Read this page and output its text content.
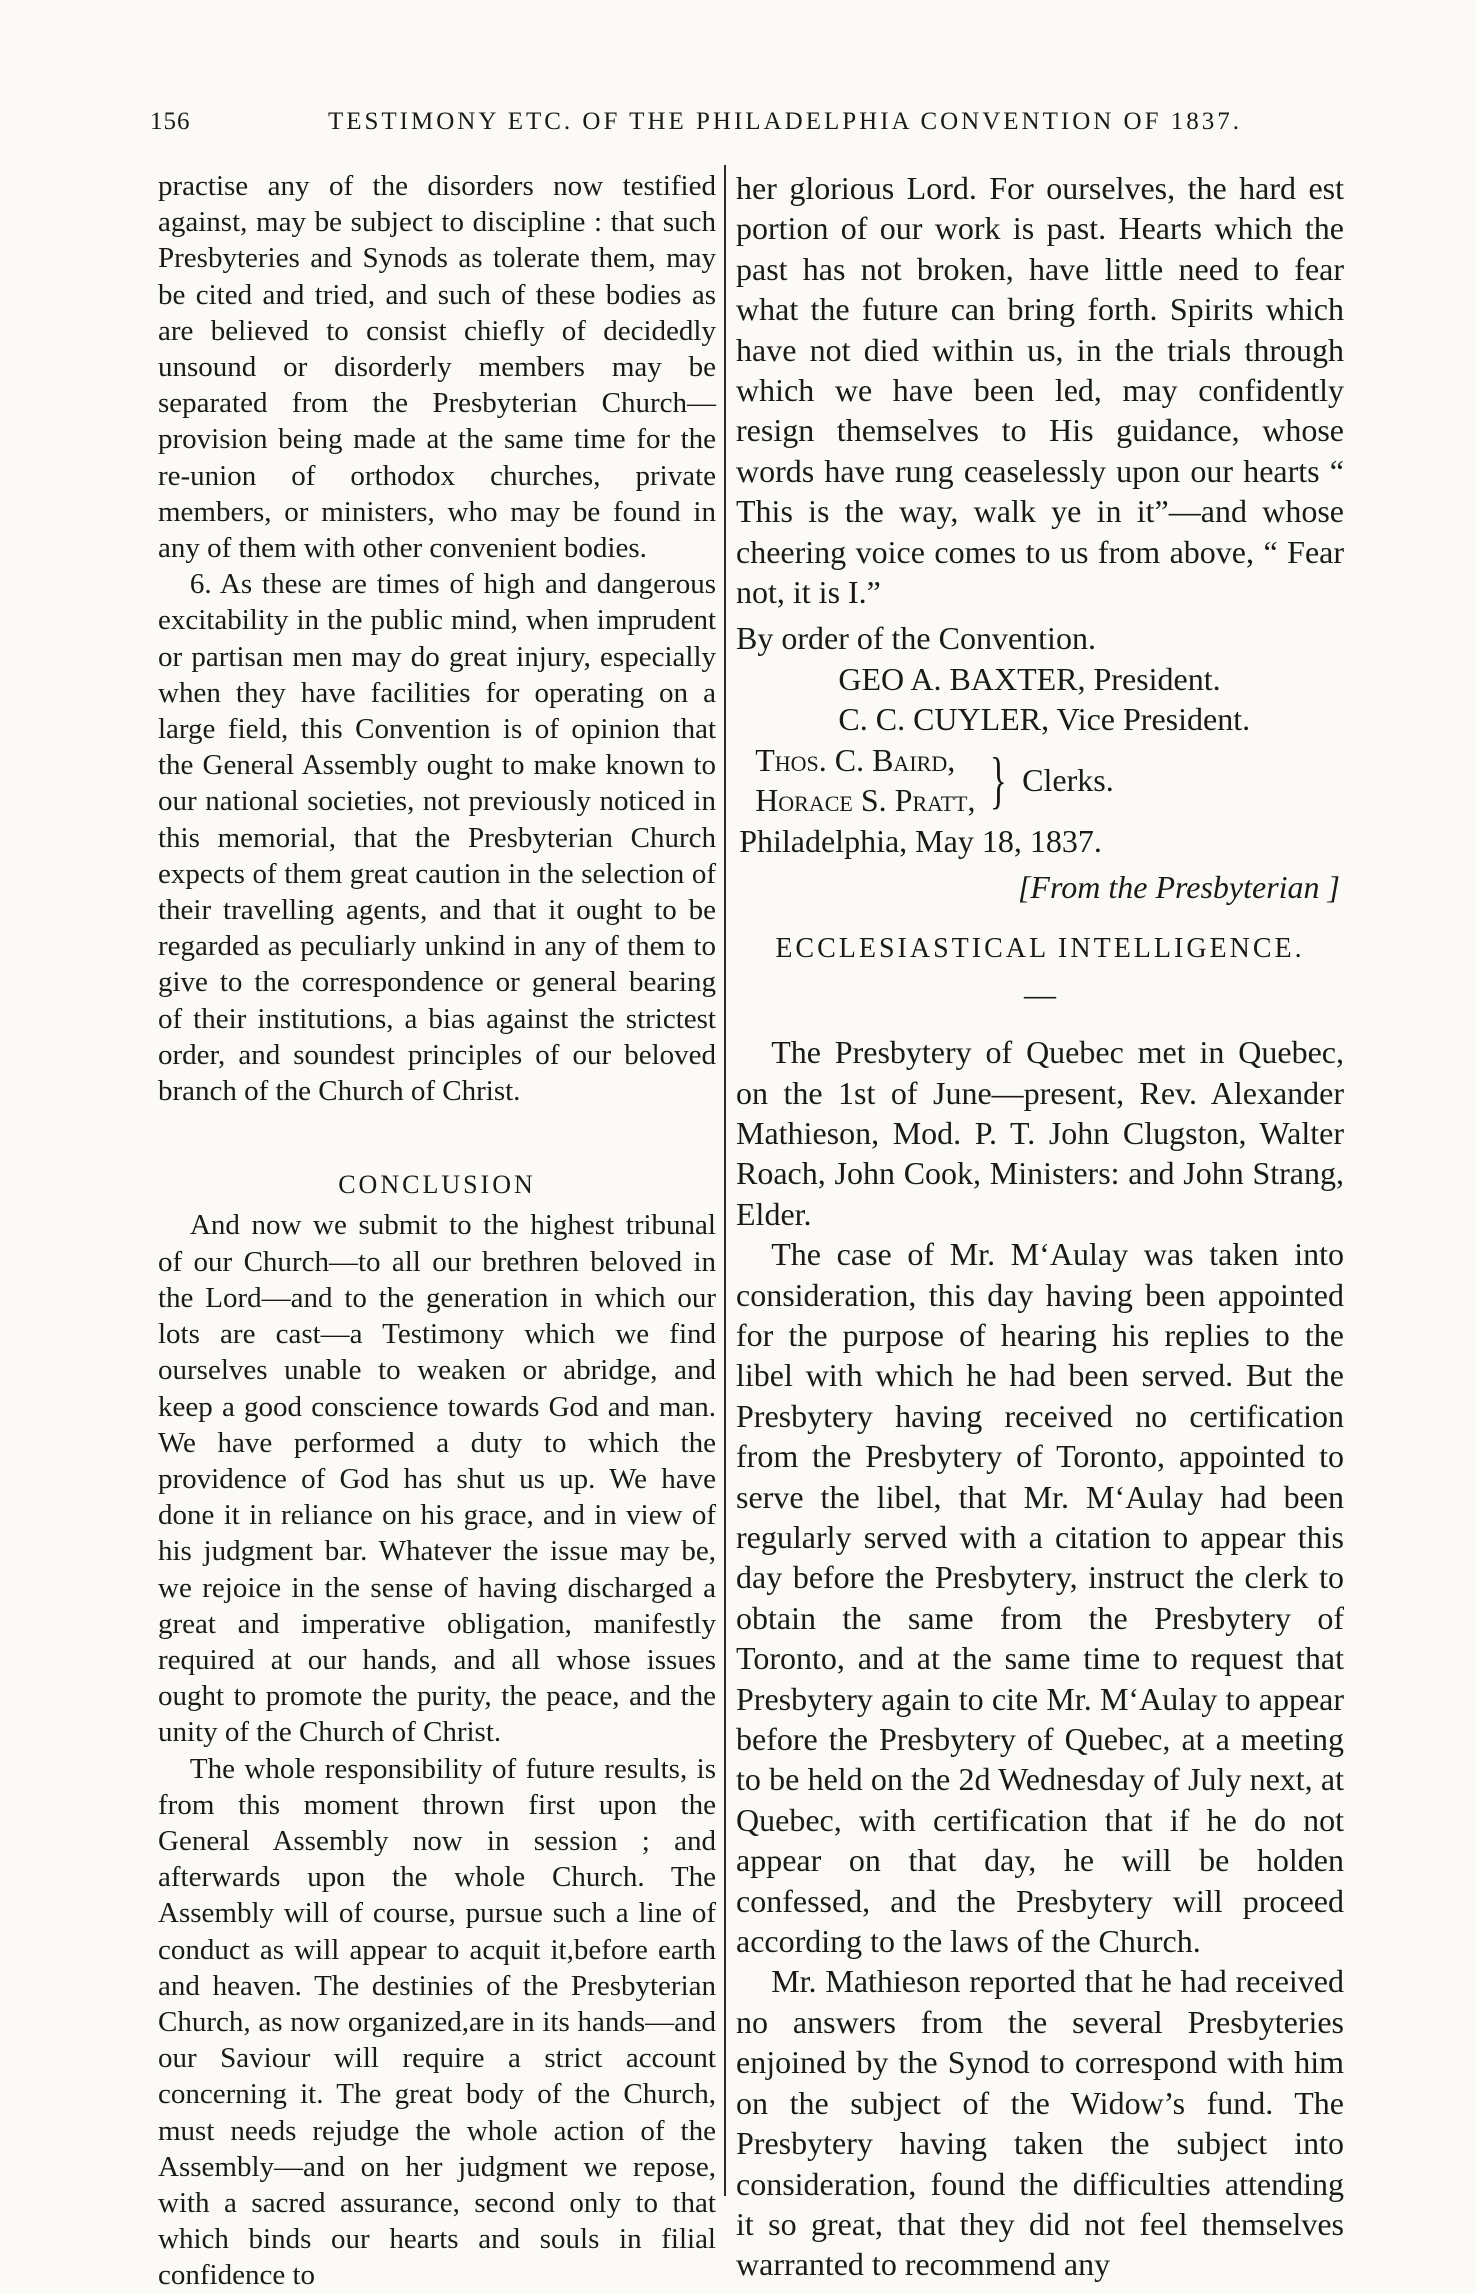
156	TESTIMONY ETC. OF THE PHILADELPHIA CONVENTION OF 1837.

practise any of the disorders now testified against, may be subject to discipline : that such Presbyteries and Synods as tolerate them, may be cited and tried, and such of these bodies as are believed to consist chiefly of decidedly unsound or disorderly members may be separated from the Presbyterian Church—provision being made at the same time for the re-union of orthodox churches, private members, or ministers, who may be found in any of them with other convenient bodies.

6. As these are times of high and dangerous excitability in the public mind, when imprudent or partisan men may do great injury, especially when they have facilities for operating on a large field, this Convention is of opinion that the General Assembly ought to make known to our national societies, not previously noticed in this memorial, that the Presbyterian Church expects of them great caution in the selection of their travelling agents, and that it ought to be regarded as peculiarly unkind in any of them to give to the correspondence or general bearing of their institutions, a bias against the strictest order, and soundest principles of our beloved branch of the Church of Christ.

CONCLUSION

And now we submit to the highest tribunal of our Church—to all our brethren beloved in the Lord—and to the generation in which our lots are cast—a Testimony which we find ourselves unable to weaken or abridge, and keep a good conscience towards God and man. We have performed a duty to which the providence of God has shut us up. We have done it in reliance on his grace, and in view of his judgment bar. Whatever the issue may be, we rejoice in the sense of having discharged a great and imperative obligation, manifestly required at our hands, and all whose issues ought to promote the purity, the peace, and the unity of the Church of Christ.

The whole responsibility of future results, is from this moment thrown first upon the General Assembly now in session ; and afterwards upon the whole Church. The Assembly will of course, pursue such a line of conduct as will appear to acquit it,before earth and heaven. The destinies of the Presbyterian Church, as now organized,are in its hands—and our Saviour will require a strict account concerning it. The great body of the Church, must needs rejudge the whole action of the Assembly—and on her judgment we repose, with a sacred assurance, second only to that which binds our hearts and souls in filial confidence to

her glorious Lord. For ourselves, the hard est portion of our work is past. Hearts which the past has not broken, have little need to fear what the future can bring forth. Spirits which have not died within us, in the trials through which we have been led, may confidently resign themselves to His guidance, whose words have rung ceaselessly upon our hearts “ This is the way, walk ye in it”—and whose cheering voice comes to us from above, “ Fear not, it is I.”

By order of the Convention.

GEO A. BAXTER, President.

C. C. CUYLER, Vice President.

Thos. C. Baird,
Horace S. Pratt, } Clerks.

Philadelphia, May 18, 1837.

[From the Presbyterian ]

ECCLESIASTICAL INTELLIGENCE.
—

The Presbytery of Quebec met in Quebec, on the 1st of June—present, Rev. Alexander Mathieson, Mod. P. T. John Clugston, Walter Roach, John Cook, Ministers: and John Strang, Elder.

The case of Mr. M‘Aulay was taken into consideration, this day having been appointed for the purpose of hearing his replies to the libel with which he had been served. But the Presbytery having received no certification from the Presbytery of Toronto, appointed to serve the libel, that Mr. M‘Aulay had been regularly served with a citation to appear this day before the Presbytery, instruct the clerk to obtain the same from the Presbytery of Toronto, and at the same time to request that Presbytery again to cite Mr. M‘Aulay to appear before the Presbytery of Quebec, at a meeting to be held on the 2d Wednesday of July next, at Quebec, with certification that if he do not appear on that day, he will be holden confessed, and the Presbytery will proceed according to the laws of the Church.

Mr. Mathieson reported that he had received no answers from the several Presbyteries enjoined by the Synod to correspond with him on the subject of the Widow’s fund. The Presbytery having taken the subject into consideration, found the difficulties attending it so great, that they did not feel themselves warranted to recommend any
